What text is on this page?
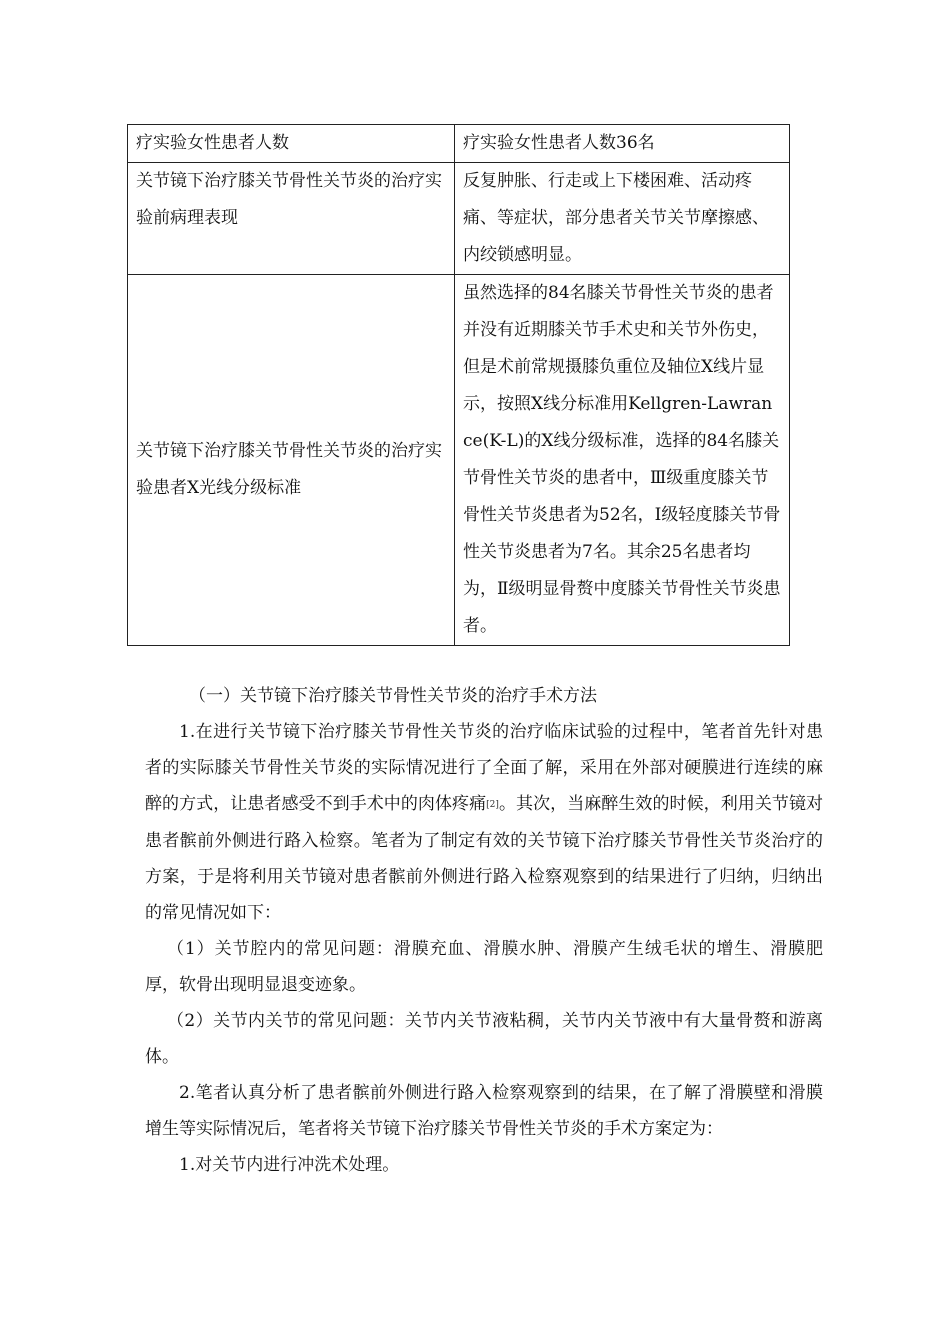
疗实验女性患者人数	疗实验女性患者人数36名
关节镜下治疗膝关节骨性关节炎的治疗实验前病理表现	反复肿胀、行走或上下楼困难、活动疼痛、等症状，部分患者关节关节摩擦感、内绞锁感明显。
关节镜下治疗膝关节骨性关节炎的治疗实验患者X光线分级标准	虽然选择的84名膝关节骨性关节炎的患者并没有近期膝关节手术史和关节外伤史，但是术前常规摄膝负重位及轴位X线片显示，按照X线分标准用Kellgren-Lawrance(K-L)的X线分级标准，选择的84名膝关节骨性关节炎的患者中，Ⅲ级重度膝关节骨性关节炎患者为52名，Ⅰ级轻度膝关节骨性关节炎患者为7名。其余25名患者均为，Ⅱ级明显骨赘中度膝关节骨性关节炎患者。

（一）关节镜下治疗膝关节骨性关节炎的治疗手术方法

1.在进行关节镜下治疗膝关节骨性关节炎的治疗临床试验的过程中，笔者首先针对患者的实际膝关节骨性关节炎的实际情况进行了全面了解，采用在外部对硬膜进行连续的麻醉的方式，让患者感受不到手术中的肉体疼痛[2]。其次，当麻醉生效的时候，利用关节镜对患者髌前外侧进行路入检察。笔者为了制定有效的关节镜下治疗膝关节骨性关节炎治疗的方案，于是将利用关节镜对患者髌前外侧进行路入检察观察到的结果进行了归纳，归纳出的常见情况如下：

（1）关节腔内的常见问题：滑膜充血、滑膜水肿、滑膜产生绒毛状的增生、滑膜肥厚，软骨出现明显退变迹象。

（2）关节内关节的常见问题：关节内关节液粘稠，关节内关节液中有大量骨赘和游离体。

2.笔者认真分析了患者髌前外侧进行路入检察观察到的结果，在了解了滑膜壁和滑膜增生等实际情况后，笔者将关节镜下治疗膝关节骨性关节炎的手术方案定为：

1.对关节内进行冲洗术处理。
